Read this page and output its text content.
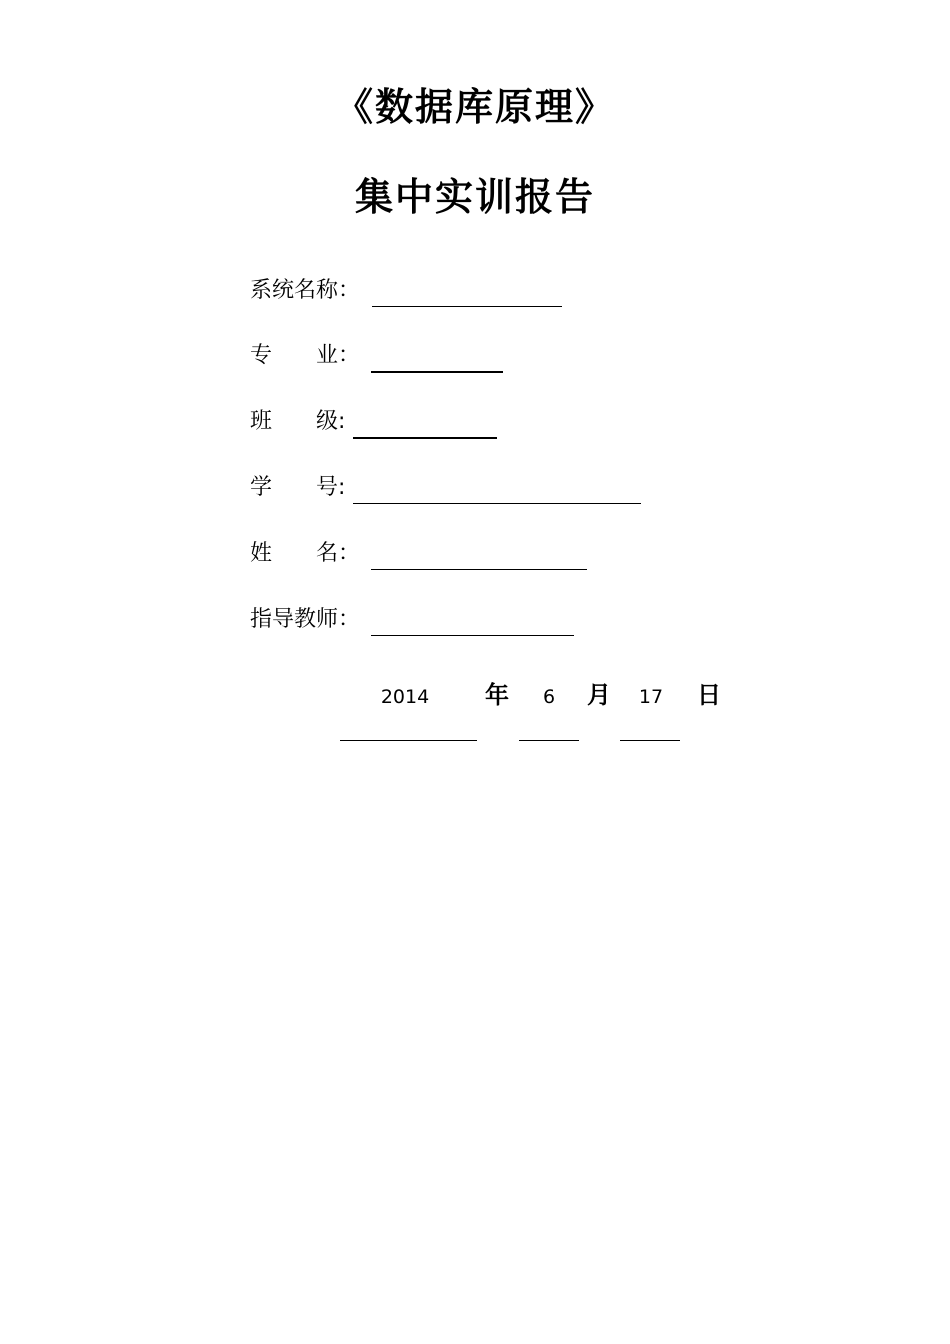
《数据库原理》
集中实训报告
系统名称：
专　　业：
班　　级:
学　　号:
姓　　名：
指导教师：
2014	年	6 月 17 日
